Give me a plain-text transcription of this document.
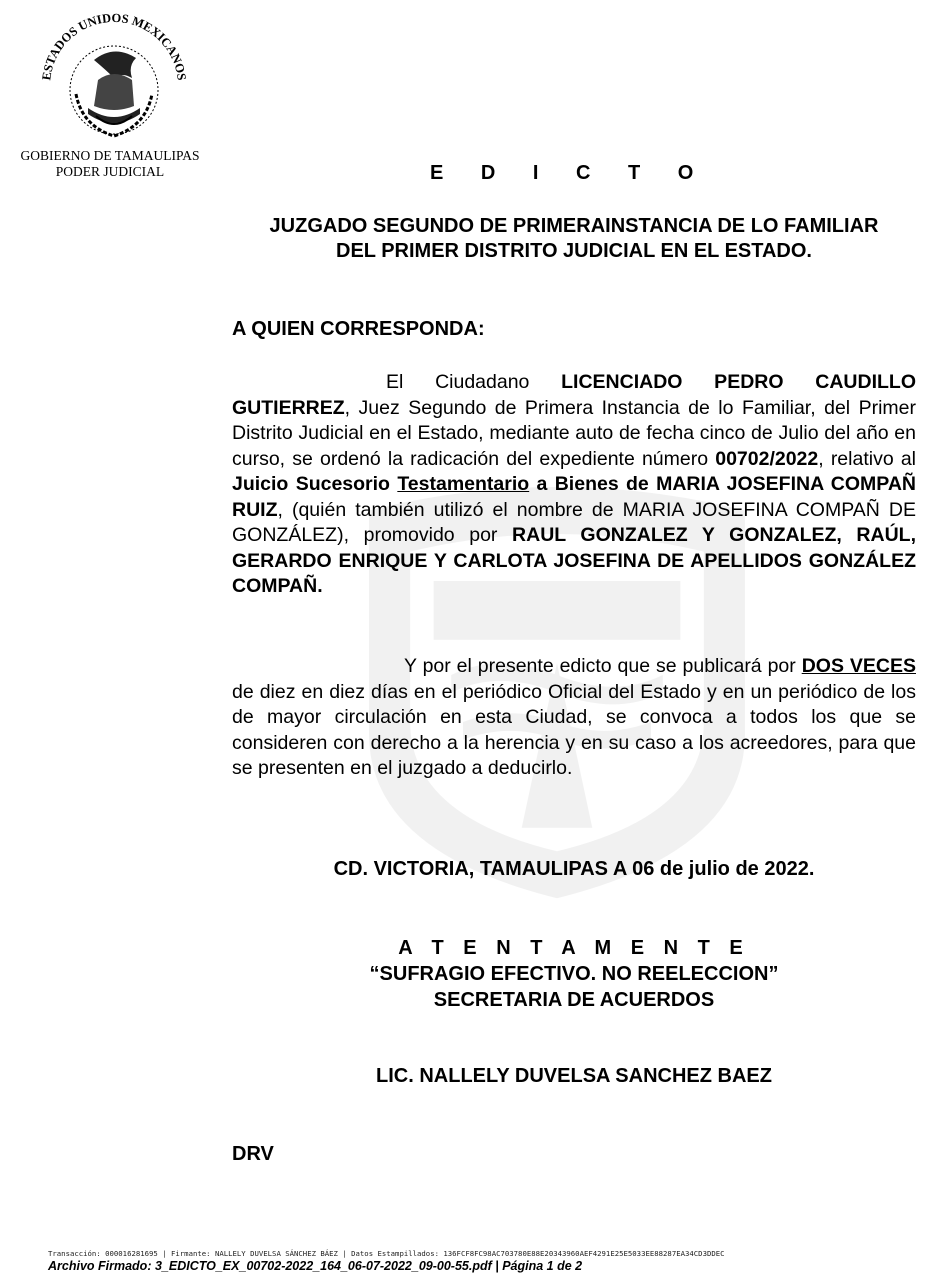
ESTADOS UNIDOS MEXICANOS
GOBIERNO DE TAMAULIPAS
PODER JUDICIAL	E D I C T O
JUZGADO SEGUNDO DE PRIMERAINSTANCIA DE LO FAMILIAR
DEL PRIMER DISTRITO JUDICIAL EN EL ESTADO.
A QUIEN CORRESPONDA:
El Ciudadano LICENCIADO PEDRO CAUDILLO GUTIERREZ, Juez Segundo de Primera Instancia de lo Familiar, del Primer Distrito Judicial en el Estado, mediante auto de fecha cinco de Julio del año en curso, se ordenó la radicación del expediente número 00702/2022, relativo al Juicio Sucesorio Testamentario a Bienes de MARIA JOSEFINA COMPAÑ RUIZ, (quién también utilizó el nombre de MARIA JOSEFINA COMPAÑ DE GONZÁLEZ), promovido por RAUL GONZALEZ Y GONZALEZ, RAÚL, GERARDO ENRIQUE Y CARLOTA JOSEFINA DE APELLIDOS GONZÁLEZ COMPAÑ.
Y por el presente edicto que se publicará por DOS VECES de diez en diez días en el periódico Oficial del Estado y en un periódico de los de mayor circulación en esta Ciudad, se convoca a todos los que se consideren con derecho a la herencia y en su caso a los acreedores, para que se presenten en el juzgado a deducirlo.
CD. VICTORIA, TAMAULIPAS A 06 de julio de 2022.
A T E N T A M E N T E
“SUFRAGIO EFECTIVO. NO REELECCION”
SECRETARIA DE ACUERDOS
LIC. NALLELY DUVELSA SANCHEZ BAEZ
DRV
Transacción: 000016281695 | Firmante: NALLELY DUVELSA SÁNCHEZ BÁEZ | Datos Estampillados: 136FCF8FC98AC703780E88E20343960AEF4291E25E5033EE88287EA34CD3DDEC
Archivo Firmado: 3_EDICTO_EX_00702-2022_164_06-07-2022_09-00-55.pdf | Página 1 de 2
